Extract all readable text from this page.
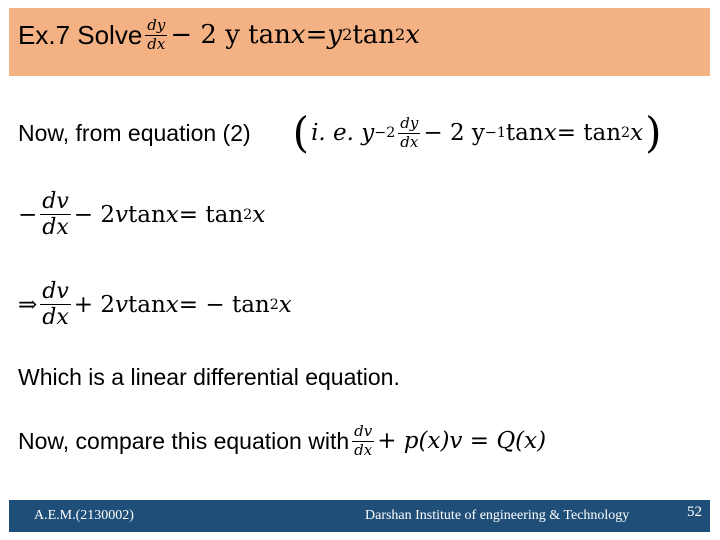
Ex.7 Solve $\frac{dy}{dx} - 2$ y tan x = y 2 tan 2 x
Now, from equation (2) ( i. e. $y -2 \frac{dy}{dx} - 2$ y −1 tan x = tan 2 x )
− $\frac{dv}{dx} - 2$ v tan x = tan 2 x
⇒ $\frac{dv}{dx} + 2$ v tan x = − tan 2 x
Which is a linear differential equation.
Now, compare this equation with $\frac{dv}{dx} + p(x)v = Q(x)$
A.E.M.(2130002)	Darshan Institute of engineering & Technology	52
